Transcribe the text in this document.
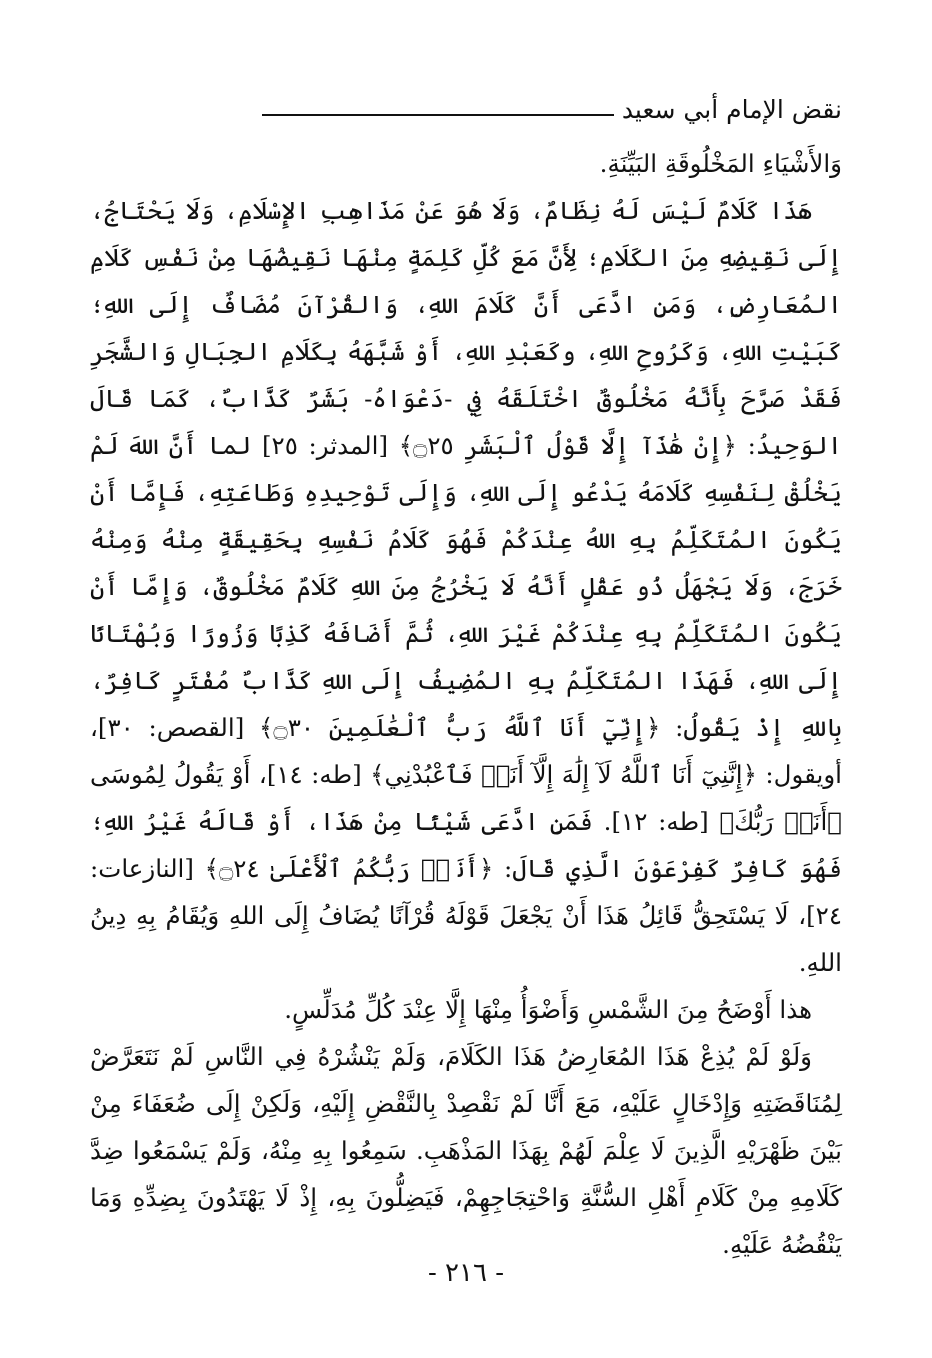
نقض الإمام أبي سعيد

وَالأَشْيَاءِ المَخْلُوقَةِ البَيِّنَةِ.

هَذَا كَلَامٌ لَيْسَ لَهُ نِظَامٌ، وَلَا هُوَ عَنْ مَذَاهِبِ الإِسْلَامِ، وَلَا يَحْتَاجُ، إِلَى نَقِيضِهِ مِنَ الكَلَامِ؛ لِأَنَّ مَعَ كُلِّ كَلِمَةٍ مِنْهَا نَقِيضُهَا مِنْ نَفْسِ كَلَامِ المُعَارِضِ، وَمَنِ ادَّعَى أَنَّ كَلَامَ اللهِ، وَالقُرْآنَ مُضَافٌ إِلَى اللهِ؛ كَبَيْتِ اللهِ، وَكَرُوحِ اللهِ، وكَعَبْدِ اللهِ، أَوْ شَبَّهَهُ بِكَلَامِ الجِبَالِ وَالشَّجَرِ فَقَدْ صَرَّحَ بِأَنَّهُ مَخْلُوقٌ اخْتَلَقَهُ فِي -دَعْوَاهُ- بَشَرٌ كَذَّابٌ، كَمَا قَالَ الوَحِيدُ: ﴿إِنْ هَٰذَآ إِلَّا قَوْلُ ٱلْبَشَرِ ۝٢٥﴾ [المدثر: ٢٥] لما أَنَّ اللهَ لَمْ يَخْلُقْ لِنَفْسِهِ كَلَامَهُ يَدْعُو إِلَى اللهِ، وَإِلَى تَوْحِيدِهِ وَطَاعَتِهِ، فَإِمَّا أَنْ يَكُونَ المُتَكَلِّمُ بِهِ اللهُ عِنْدَكُمْ فَهُوَ كَلَامُ نَفْسِهِ بِحَقِيقَةٍ مِنْهُ وَمِنْهُ خَرَجَ، وَلَا يَجْهَلُ ذُو عَقْلٍ أَنَّهُ لَا يَخْرُجُ مِنَ اللهِ كَلَامٌ مَخْلُوقٌ، وَإِمَّا أَنْ يَكُونَ المُتَكَلِّمُ بِهِ عِنْدَكُمْ غَيْرَ اللهِ، ثُمَّ أَضَافَهُ كَذِبًا وَزُورًا وَبُهْتَانًا إِلَى اللهِ، فَهَذَا المُتَكَلِّمُ بِهِ المُضِيفُ إِلَى اللهِ كَذَّابٌ مُفْتَرٍ كَافِرٌ، بِاللهِ إِذْ يَقُولُ: ﴿إِنِّيٓ أَنَا ٱللَّهُ رَبُّ ٱلْعَٰلَمِينَ ۝٣٠﴾ [القصص: ٣٠]، أويقول: ﴿إِنَّنِيٓ أَنَا ٱللَّهُ لَآ إِلَٰهَ إِلَّآ أَنَا۠ فَٱعْبُدْنِي﴾ [طه: ١٤]، أَوْ يَقُولُ لِمُوسَى ﴿أَنَا۠ رَبُّكَ﴾ [طه: ١٢]. فَمَنِ ادَّعَى شَيْئًا مِنْ هَذَا، أَوْ قَالَهُ غَيْرُ اللهِ؛ فَهُوَ كَافِرٌ كَفِرْعَوْنَ الَّذِي قَالَ: ﴿أَنَا۠ رَبُّكُمُ ٱلْأَعْلَىٰ ۝٢٤﴾ [النازعات: ٢٤]، لَا يَسْتَحِقُّ قَائِلُ هَذَا أَنْ يَجْعَلَ قَوْلَهُ قُرْآنًا يُضَافُ إِلَى اللهِ وَيُقَامُ بِهِ دِينُ اللهِ.

هذا أَوْضَحُ مِنَ الشَّمْسِ وَأَضْوَأُ مِنْهَا إِلَّا عِنْدَ كُلِّ مُدَلِّسٍ.

وَلَوْ لَمْ يُذِعْ هَذَا المُعَارِضُ هَذَا الكَلَامَ، وَلَمْ يَنْشُرْهُ فِي النَّاسِ لَمْ نَتَعَرَّضْ لِمُنَاقَضَتِهِ وَإِدْخَالٍ عَلَيْهِ، مَعَ أَنَّا لَمْ نَقْصِدْ بِالنَّقْضِ إِلَيْهِ، وَلَكِنْ إِلَى ضُعَفَاءَ مِنْ بَيْنَ ظَهْرَيْهِ الَّذِينَ لَا عِلْمَ لَهُمْ بِهَذَا المَذْهَبِ. سَمِعُوا بِهِ مِنْهُ، وَلَمْ يَسْمَعُوا ضِدَّ كَلَامِهِ مِنْ كَلَامِ أَهْلِ السُّنَّةِ وَاحْتِجَاجِهِمْ، فَيَضِلُّونَ بِهِ، إِذْ لَا يَهْتَدُونَ بِضِدِّهِ وَمَا يَنْقُضُهُ عَلَيْهِ.

- ٢١٦ -
